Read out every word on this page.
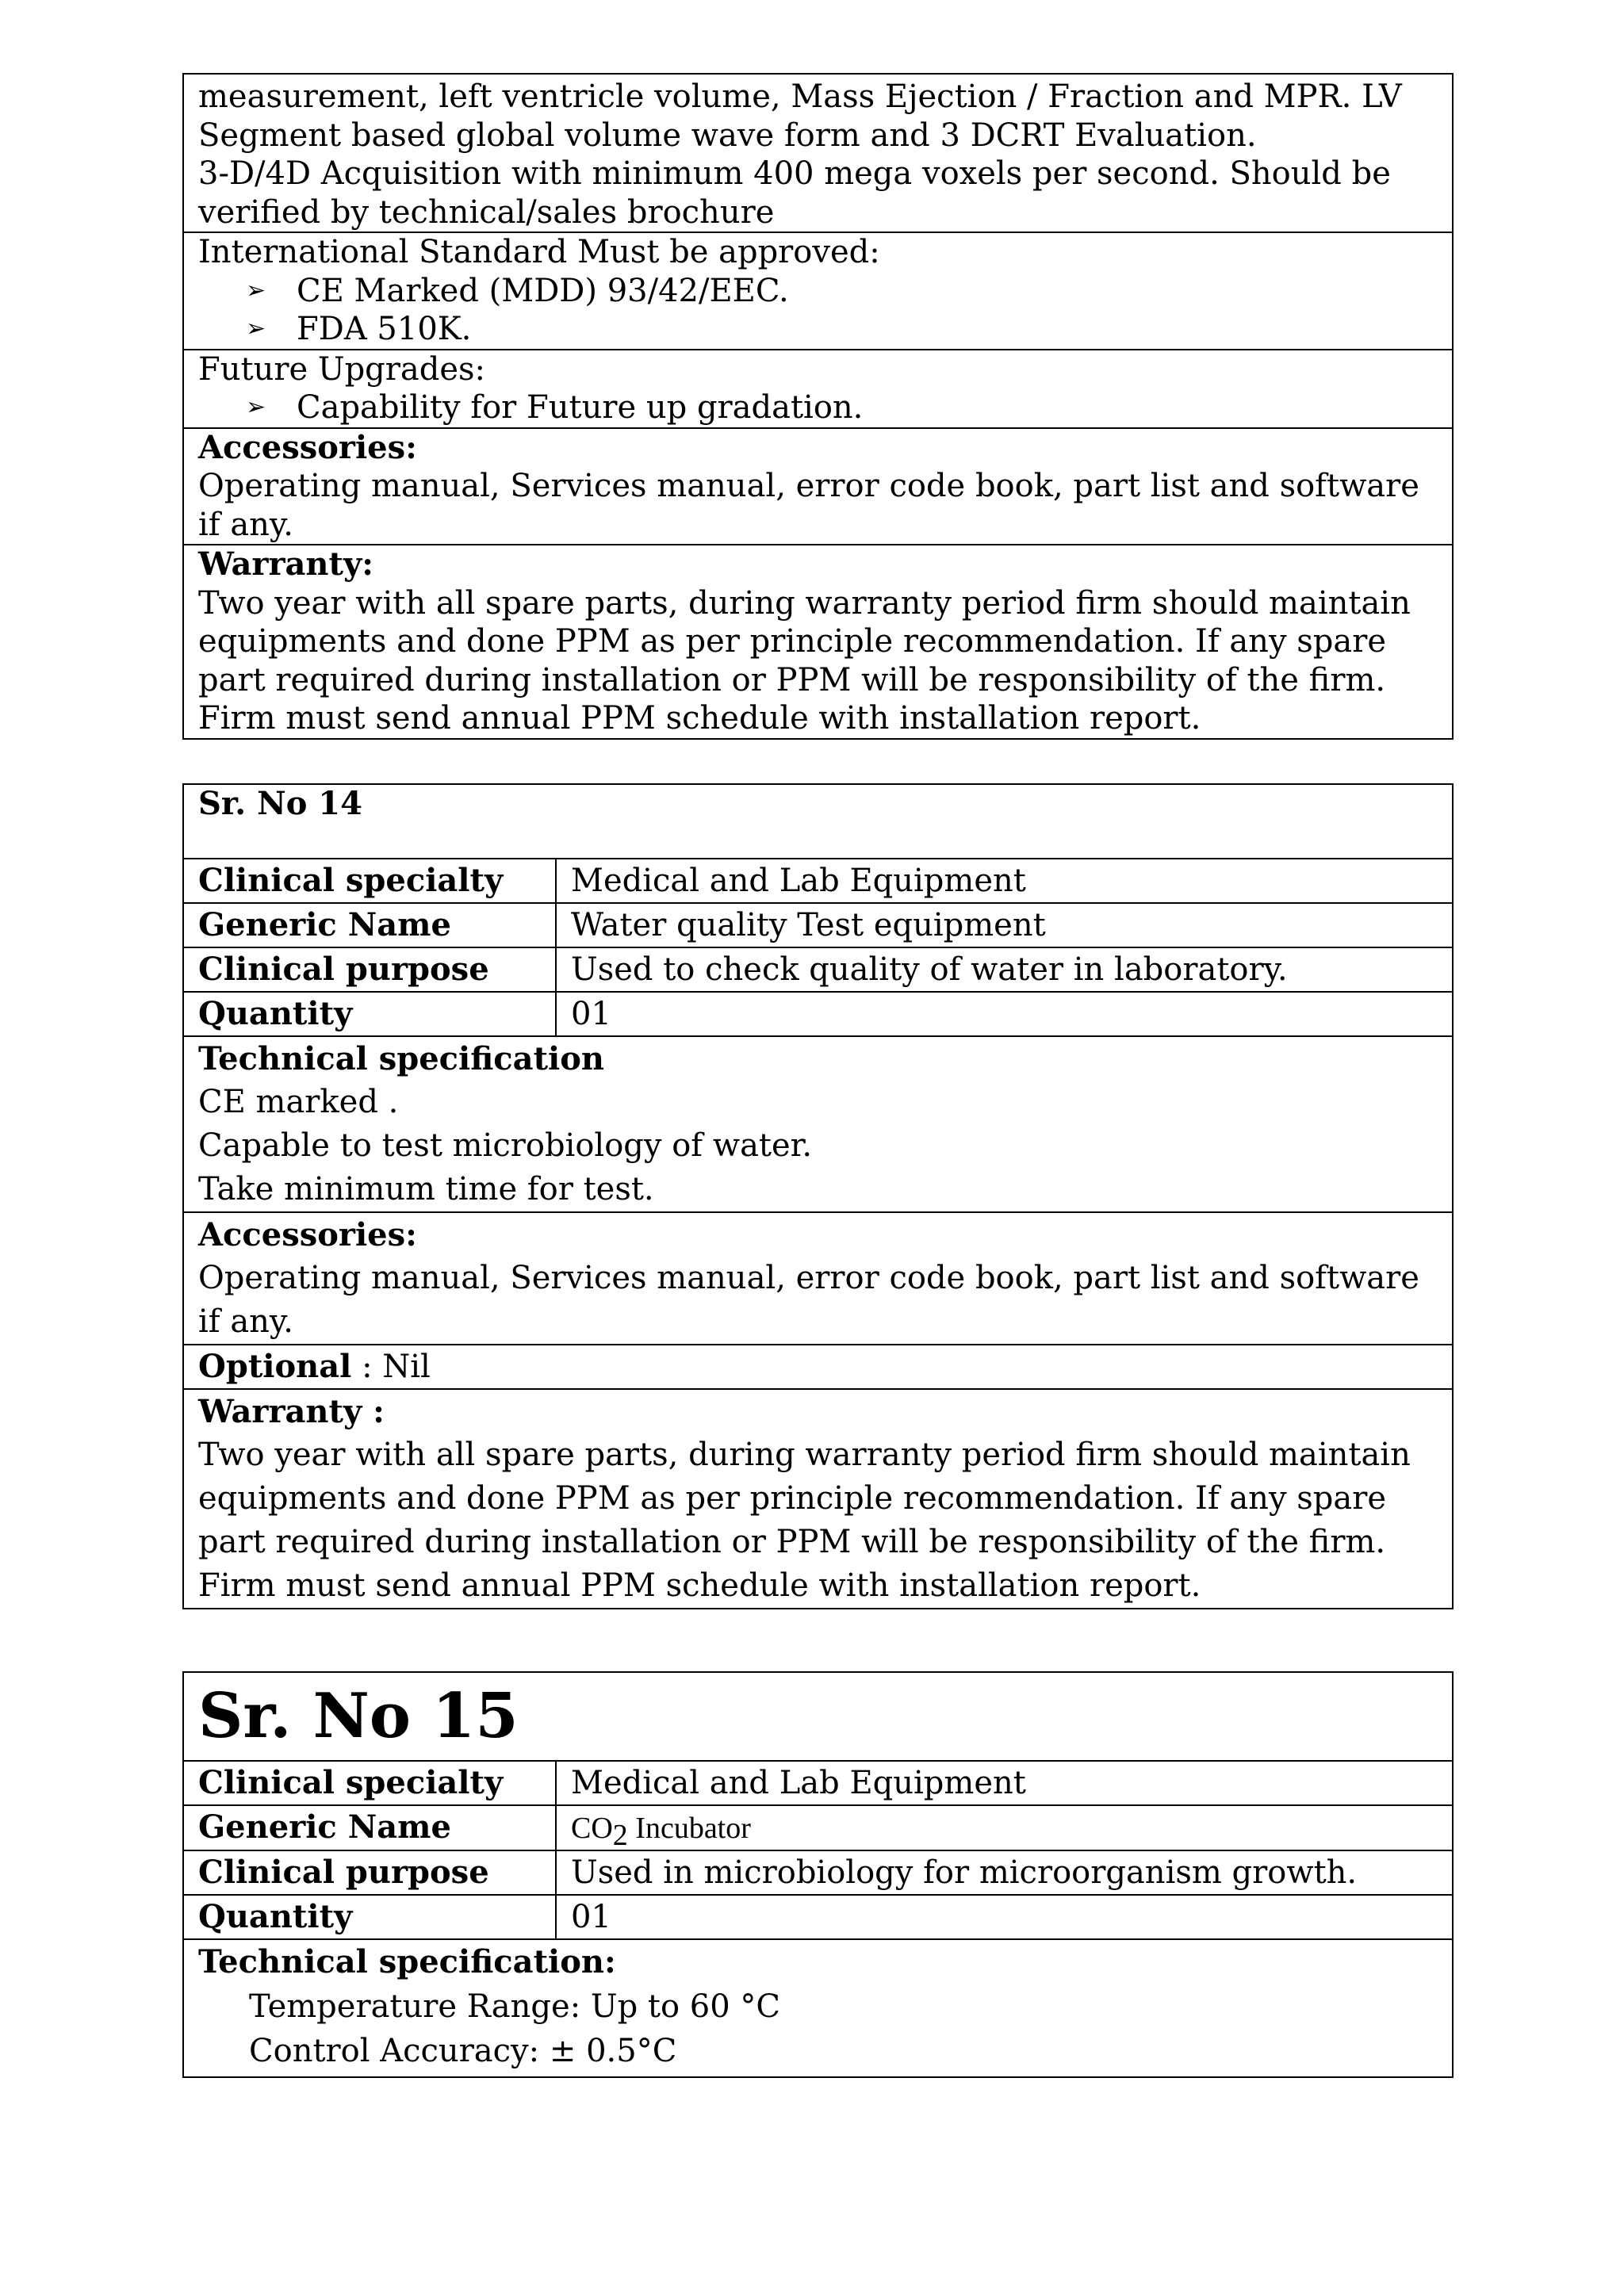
measurement, left ventricle volume, Mass Ejection / Fraction and MPR. LV
Segment based global volume wave form and 3 DCRT Evaluation.
3-D/4D Acquisition with minimum 400 mega voxels per second. Should be
verified by technical/sales brochure

International Standard Must be approved:
➢ CE Marked (MDD) 93/42/EEC.
➢ FDA 510K.

Future Upgrades:
➢ Capability for Future up gradation.

Accessories:
Operating manual, Services manual, error code book, part list and software
if any.

Warranty:
Two year with all spare parts, during warranty period firm should maintain
equipments and done PPM as per principle recommendation. If any spare
part required during installation or PPM will be responsibility of the firm.
Firm must send annual PPM schedule with installation report.
Sr. No 14	
Clinical specialty	Medical and Lab Equipment
Generic Name	Water quality Test equipment
Clinical purpose	Used to check quality of water in laboratory.
Quantity	01

Technical specification
CE marked .
Capable to test microbiology of water.
Take minimum time for test.	

Accessories:
Operating manual, Services manual, error code book, part list and software
if any.	

Optional : Nil	

Warranty :
Two year with all spare parts, during warranty period firm should maintain
equipments and done PPM as per principle recommendation. If any spare
part required during installation or PPM will be responsibility of the firm.
Firm must send annual PPM schedule with installation report.	
Sr. No 15	
Clinical specialty	Medical and Lab Equipment
Generic Name	$CO_2$ Incubator
Clinical purpose	Used in microbiology for microorganism growth.
Quantity	01

Technical specification:
Temperature Range: Up to 60 °C
Control Accuracy: ± 0.5°C	
